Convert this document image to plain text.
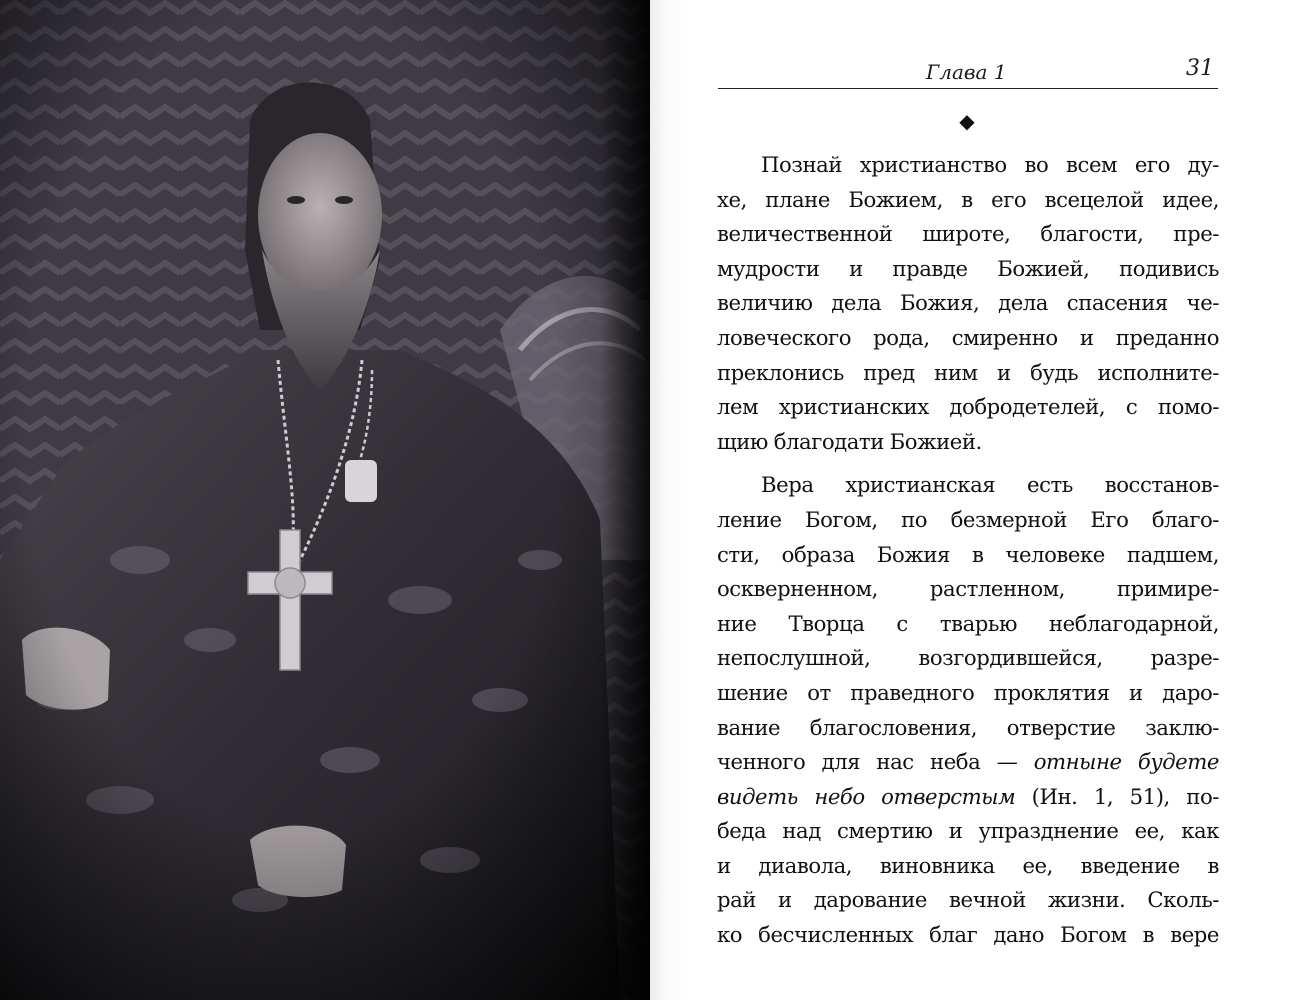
Глава 1	31
◆
Познай христианство во всем его ду-
хе, плане Божием, в его всецелой идее,
величественной широте, благости, пре-
мудрости и правде Божией, подивись
величию дела Божия, дела спасения че-
ловеческого рода, смиренно и преданно
преклонись пред ним и будь исполните-
лем христианских добродетелей, с помо-
щию благодати Божией.
Вера христианская есть восстанов-
ление Богом, по безмерной Его благо-
сти, образа Божия в человеке падшем,
оскверненном, растленном, примире-
ние Творца с тварью неблагодарной,
непослушной, возгордившейся, разре-
шение от праведного проклятия и даро-
вание благословения, отверстие заклю-
ченного для нас неба — отныне будете
видеть небо отверстым (Ин. 1, 51), по-
беда над смертию и упразднение ее, как
и диавола, виновника ее, введение в
рай и дарование вечной жизни. Сколь-
ко бесчисленных благ дано Богом в вере
